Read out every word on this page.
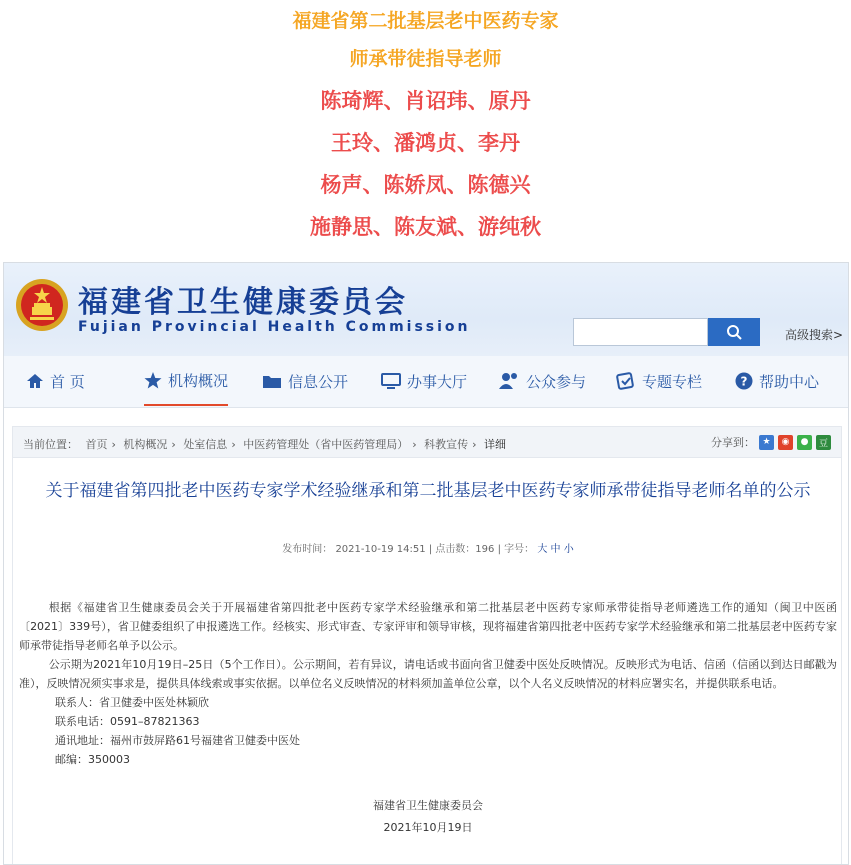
福建省第二批基层老中医药专家
师承带徒指导老师
陈琦辉、肖诏玮、原丹
王玲、潘鸿贞、李丹
杨声、陈娇凤、陈德兴
施静思、陈友斌、游纯秋
福建省卫生健康委员会
Fujian Provincial Health Commission	高级搜索>
首 页	机构概况	信息公开	办事大厅	公众参与	专题专栏	? 帮助中心
当前位置： 首页 › 机构概况 › 处室信息 › 中医药管理处（省中医药管理局） › 科教宣传 › 详细	分享到： ★	◉	●	豆
关于福建省第四批老中医药专家学术经验继承和第二批基层老中医药专家师承带徒指导老师名单的公示
发布时间： 2021-10-19 14:51 | 点击数：196 | 字号： 大 中 小

根据《福建省卫生健康委员会关于开展福建省第四批老中医药专家学术经验继承和第二批基层老中医药专家师承带徒指导老师遴选工作的通知（闽卫中医函〔2021〕339号），省卫健委组织了申报遴选工作。经核实、形式审查、专家评审和领导审核，现将福建省第四批老中医药专家学术经验继承和第二批基层老中医药专家师承带徒指导老师名单予以公示。

公示期为2021年10月19日–25日（5个工作日）。公示期间，若有异议，请电话或书面向省卫健委中医处反映情况。反映形式为电话、信函（信函以到达日邮戳为准），反映情况须实事求是，提供具体线索或事实依据。以单位名义反映情况的材料须加盖单位公章，以个人名义反映情况的材料应署实名，并提供联系电话。

联系人：省卫健委中医处林颖欣

联系电话：0591–87821363

通讯地址：福州市鼓屏路61号福建省卫健委中医处

邮编：350003

福建省卫生健康委员会
2021年10月19日
